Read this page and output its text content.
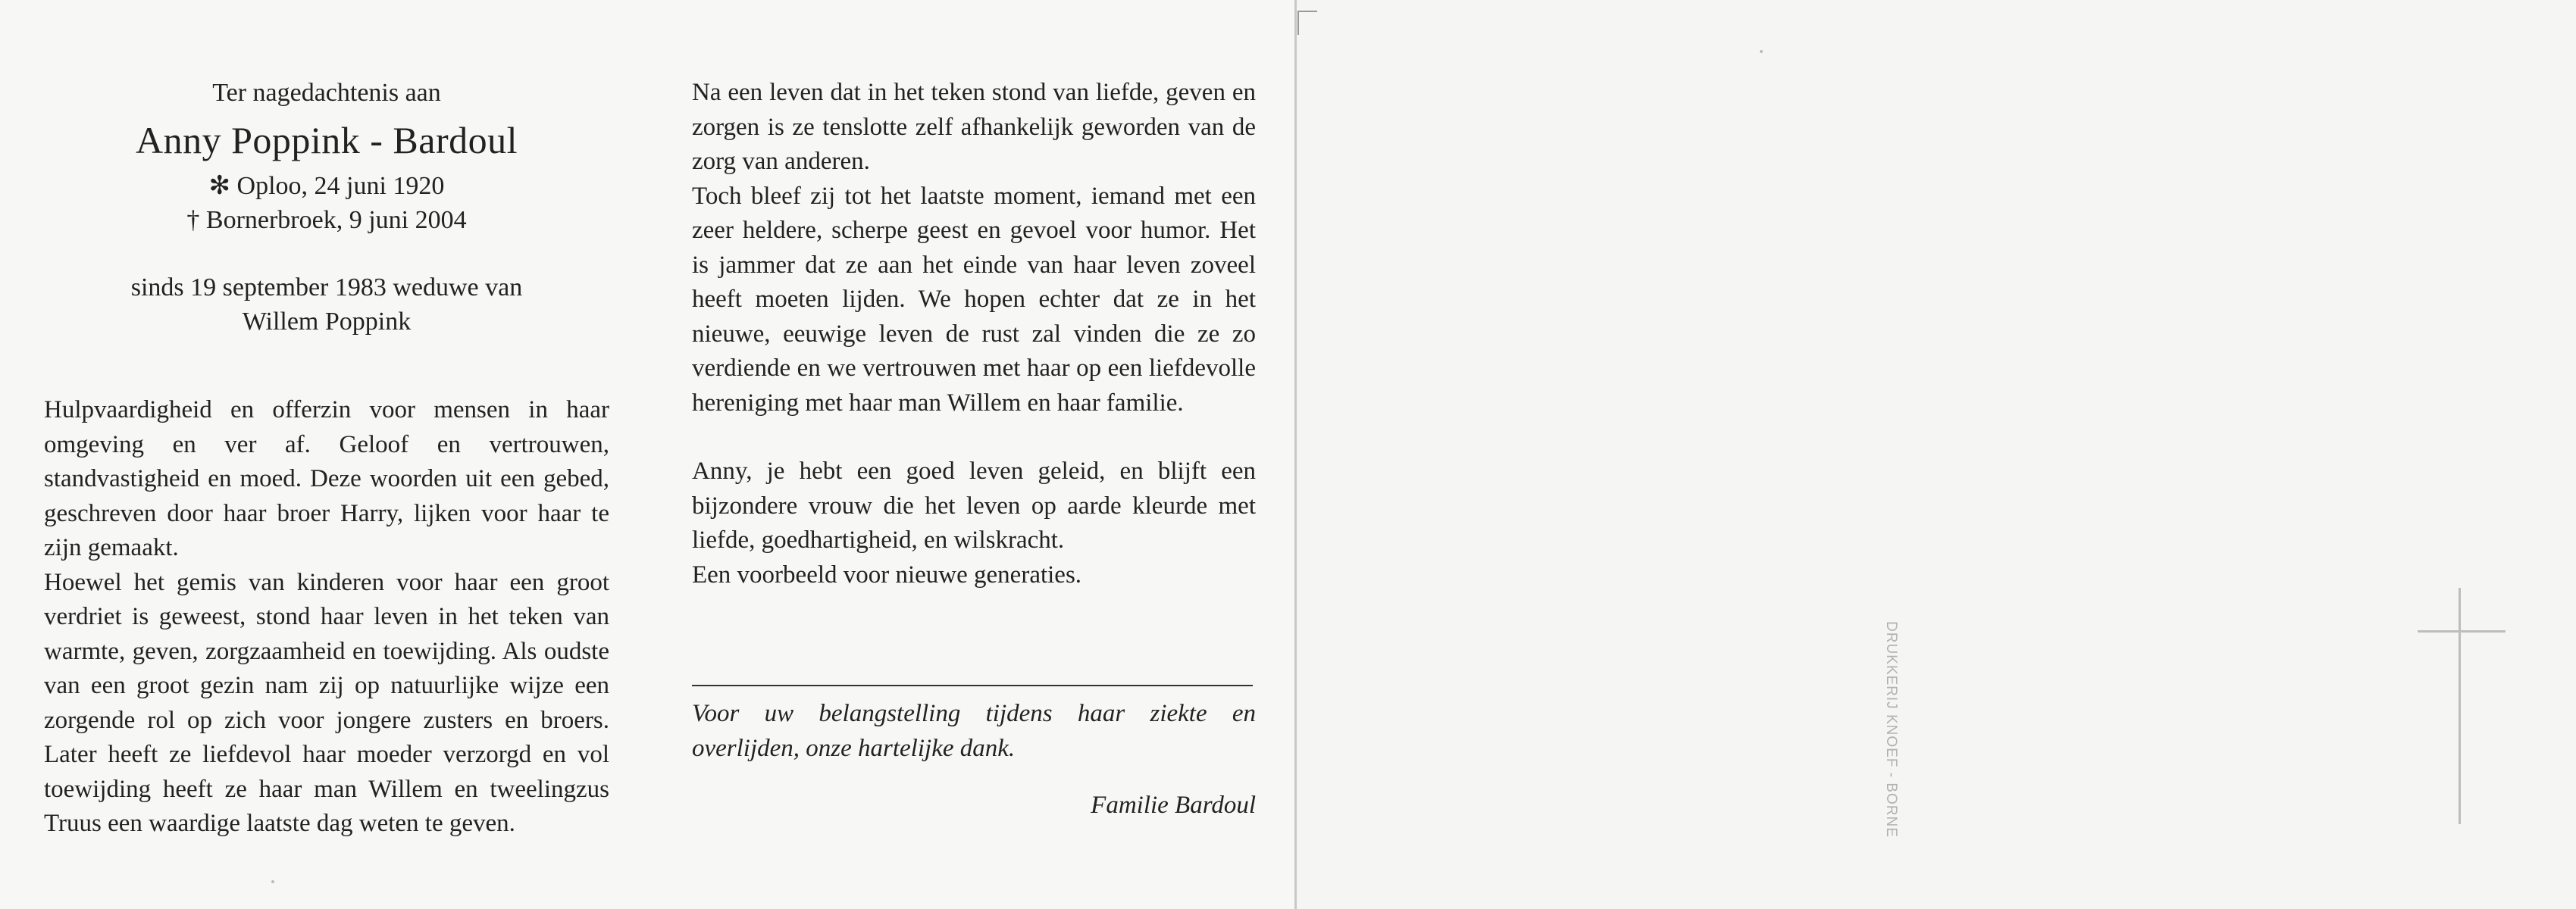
Ter nagedachtenis aan
Anny Poppink - Bardoul
✻ Oploo, 24 juni 1920
† Bornerbroek, 9 juni 2004
sinds 19 september 1983 weduwe van
Willem Poppink

Hulpvaardigheid en offerzin voor mensen in haar omgeving en ver af. Geloof en vertrouwen, standvastigheid en moed. Deze woorden uit een gebed, geschreven door haar broer Harry, lijken voor haar te zijn gemaakt.

Hoewel het gemis van kinderen voor haar een groot verdriet is geweest, stond haar leven in het teken van warmte, geven, zorgzaamheid en toewijding. Als oudste van een groot gezin nam zij op natuurlijke wijze een zorgende rol op zich voor jongere zusters en broers. Later heeft ze liefdevol haar moeder verzorgd en vol toewijding heeft ze haar man Willem en tweelingzus Truus een waardige laatste dag weten te geven.

Na een leven dat in het teken stond van liefde, geven en zorgen is ze tenslotte zelf afhankelijk geworden van de zorg van anderen.

Toch bleef zij tot het laatste moment, iemand met een zeer heldere, scherpe geest en gevoel voor humor. Het is jammer dat ze aan het einde van haar leven zoveel heeft moeten lijden. We hopen echter dat ze in het nieuwe, eeuwige leven de rust zal vinden die ze zo verdiende en we vertrouwen met haar op een liefdevolle hereniging met haar man Willem en haar familie.

Anny, je hebt een goed leven geleid, en blijft een bijzondere vrouw die het leven op aarde kleurde met liefde, goedhartigheid, en wilskracht.

Een voorbeeld voor nieuwe generaties.

Voor uw belangstelling tijdens haar ziekte en overlijden, onze hartelijke dank.

Familie Bardoul	DRUKKERIJ KNOEF - BORNE
